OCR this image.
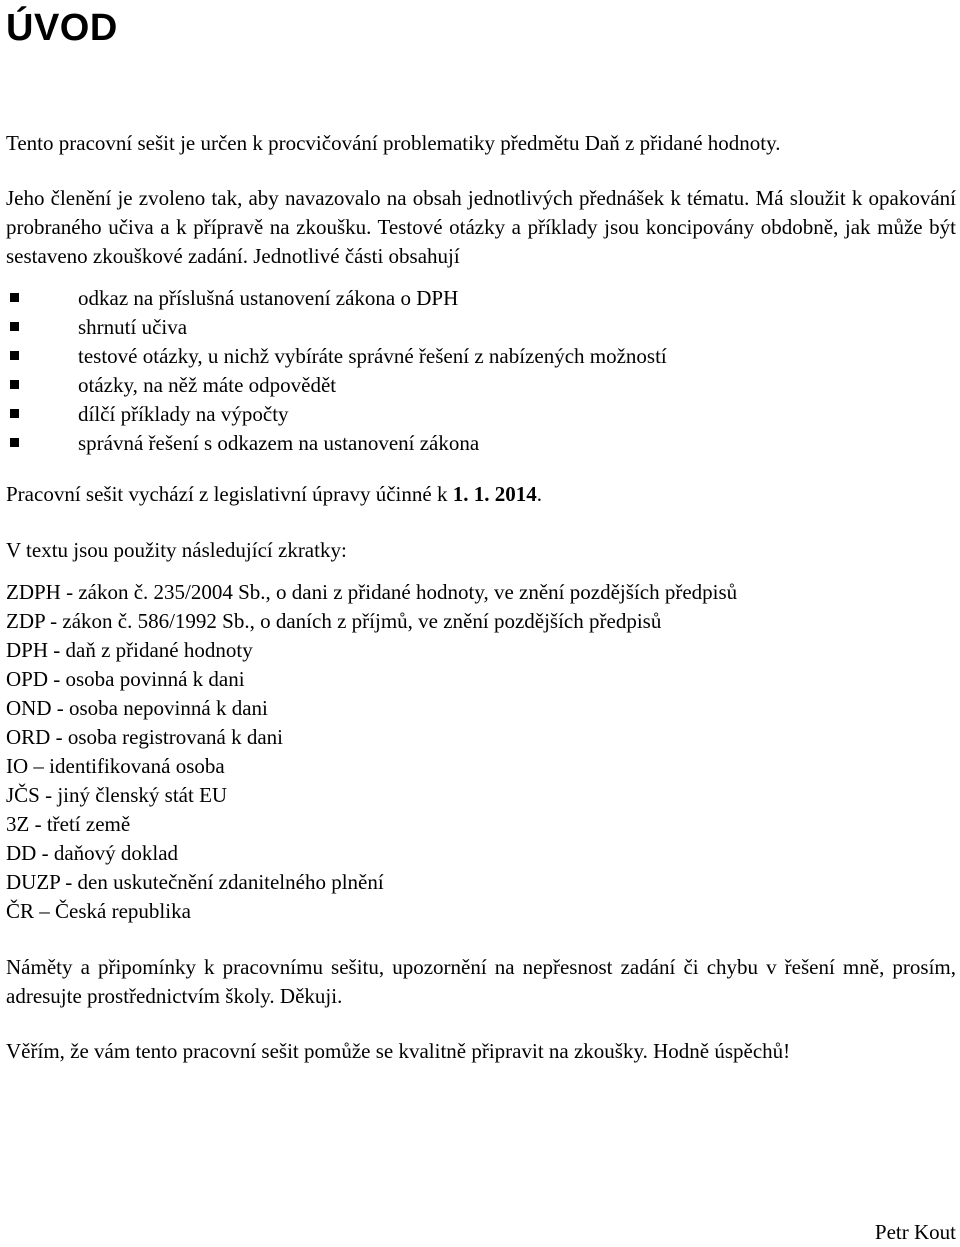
ÚVOD

Tento pracovní sešit je určen k procvičování problematiky předmětu Daň z přidané hodnoty.

Jeho členění je zvoleno tak, aby navazovalo na obsah jednotlivých přednášek k tématu. Má sloužit k opakování probraného učiva a k přípravě na zkoušku. Testové otázky a příklady jsou koncipovány obdobně, jak může být sestaveno zkouškové zadání. Jednotlivé části obsahují

odkaz na příslušná ustanovení zákona o DPH
shrnutí učiva
testové otázky, u nichž vybíráte správné řešení z nabízených možností
otázky, na něž máte odpovědět
dílčí příklady na výpočty
správná řešení s odkazem na ustanovení zákona

Pracovní sešit vychází z legislativní úpravy účinné k 1. 1. 2014.

V textu jsou použity následující zkratky:

ZDPH - zákon č. 235/2004 Sb., o dani z přidané hodnoty, ve znění pozdějších předpisů
ZDP - zákon č. 586/1992 Sb., o daních z příjmů, ve znění pozdějších předpisů
DPH - daň z přidané hodnoty
OPD - osoba povinná k dani
OND - osoba nepovinná k dani
ORD - osoba registrovaná k dani
IO – identifikovaná osoba
JČS - jiný členský stát EU
3Z - třetí země
DD - daňový doklad
DUZP - den uskutečnění zdanitelného plnění
ČR – Česká republika

Náměty a připomínky k pracovnímu sešitu, upozornění na nepřesnost zadání či chybu v řešení mně, prosím, adresujte prostřednictvím školy. Děkuji.

Věřím, že vám tento pracovní sešit pomůže se kvalitně připravit na zkoušky. Hodně úspěchů!

Petr Kout
